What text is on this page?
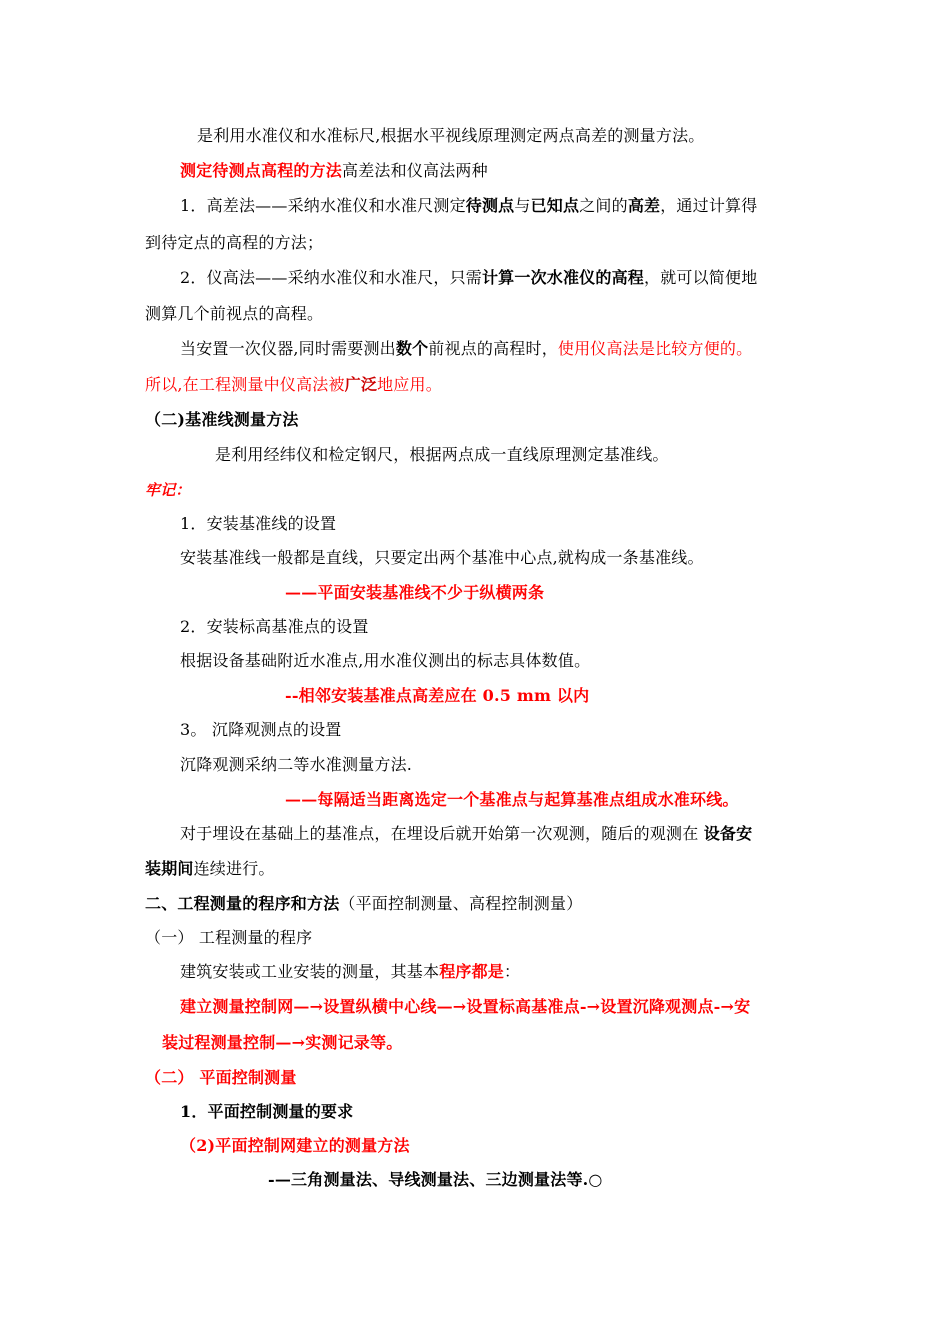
是利用水准仪和水准标尺,根据水平视线原理测定两点高差的测量方法。
测定待测点高程的方法高差法和仪高法两种
1．高差法——采纳水准仪和水准尺测定待测点与已知点之间的高差，通过计算得
到待定点的高程的方法；
2．仪高法——采纳水准仪和水准尺，只需计算一次水准仪的高程，就可以简便地
测算几个前视点的高程。
当安置一次仪器,同时需要测出数个前视点的高程时，使用仪高法是比较方便的。
所以,在工程测量中仪高法被广泛地应用。
（二)基准线测量方法
是利用经纬仪和检定钢尺，根据两点成一直线原理测定基准线。
牢记：
1．安装基准线的设置
安装基准线一般都是直线，只要定出两个基准中心点,就构成一条基准线。
——平面安装基准线不少于纵横两条
2．安装标高基准点的设置
根据设备基础附近水准点,用水准仪测出的标志具体数值。
--相邻安装基准点高差应在 0.5 mm 以内
3。 沉降观测点的设置
沉降观测采纳二等水准测量方法.
——每隔适当距离选定一个基准点与起算基准点组成水准环线。
对于埋设在基础上的基准点，在埋设后就开始第一次观测，随后的观测在 设备安
装期间连续进行。
二、工程测量的程序和方法（平面控制测量、高程控制测量）
（一） 工程测量的程序
建筑安装或工业安装的测量，其基本程序都是：
建立测量控制网—→设置纵横中心线—→设置标高基准点-→设置沉降观测点-→安
装过程测量控制—→实测记录等。
（二） 平面控制测量
1．平面控制测量的要求
（2)平面控制网建立的测量方法
-—三角测量法、导线测量法、三边测量法等.○
